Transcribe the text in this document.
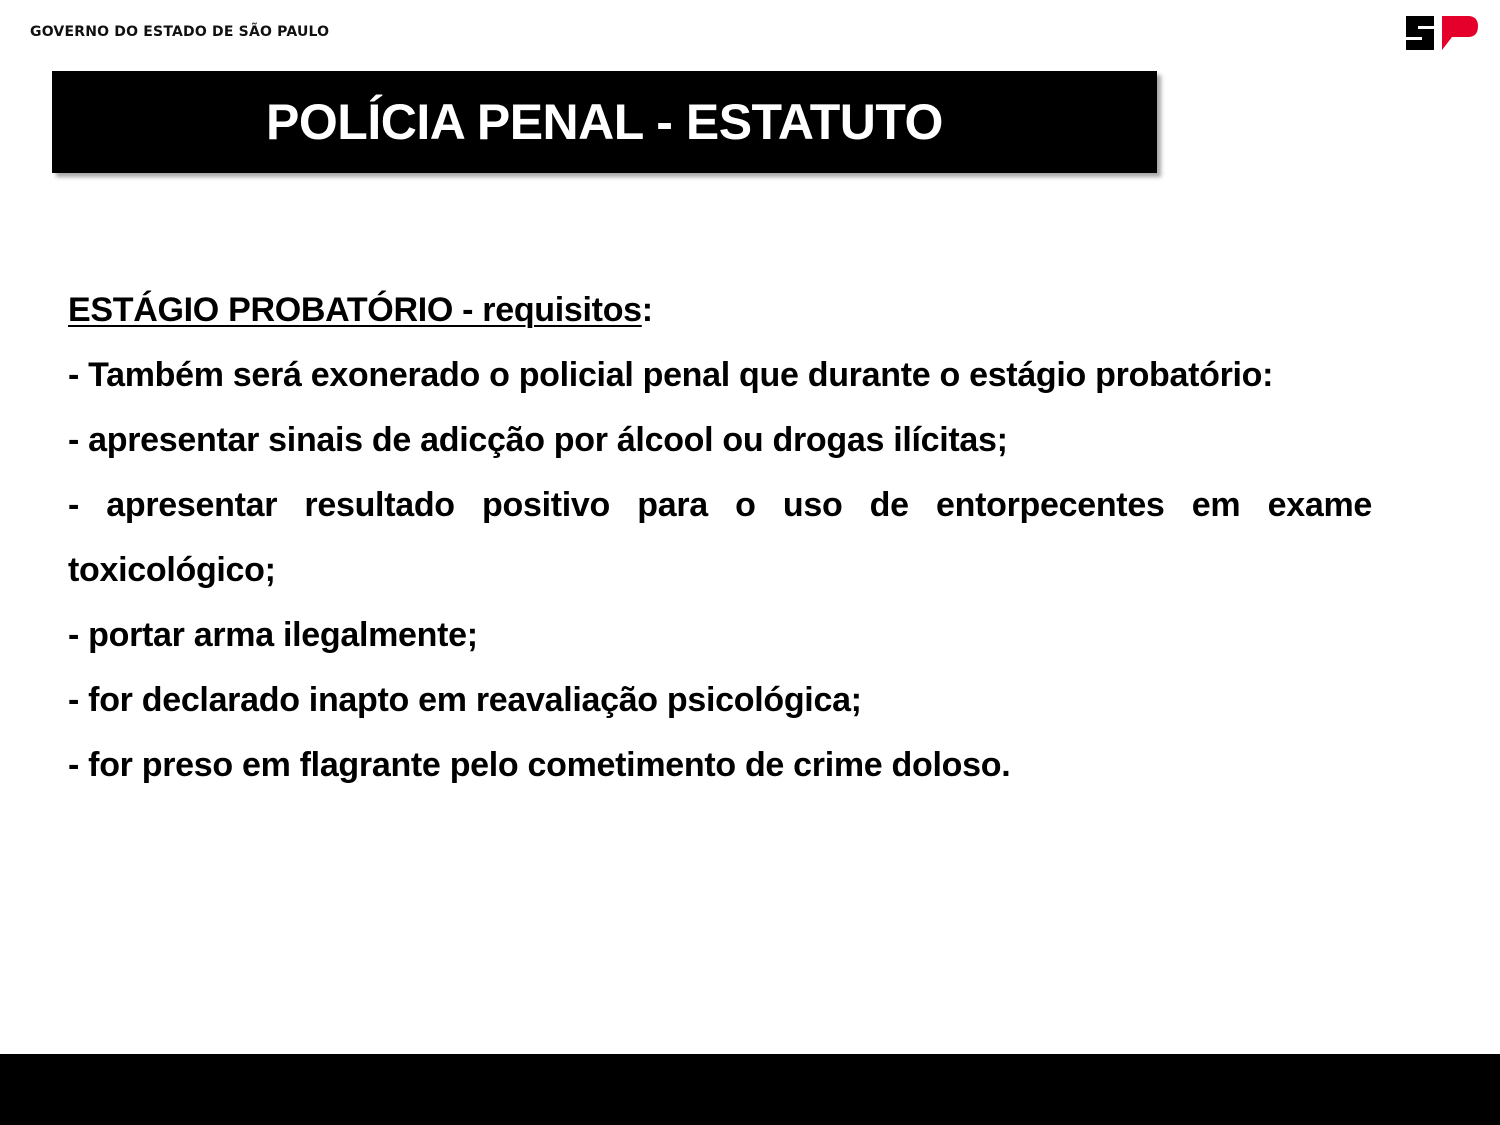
GOVERNO DO ESTADO DE SÃO PAULO
POLÍCIA PENAL - ESTATUTO

ESTÁGIO PROBATÓRIO - requisitos:

- Também será exonerado o policial penal que durante o estágio probatório:

- apresentar sinais de adicção por álcool ou drogas ilícitas;

- apresentar resultado positivo para o uso de entorpecentes em exame toxicológico;

- portar arma ilegalmente;

- for declarado inapto em reavaliação psicológica;

- for preso em flagrante pelo cometimento de crime doloso.
